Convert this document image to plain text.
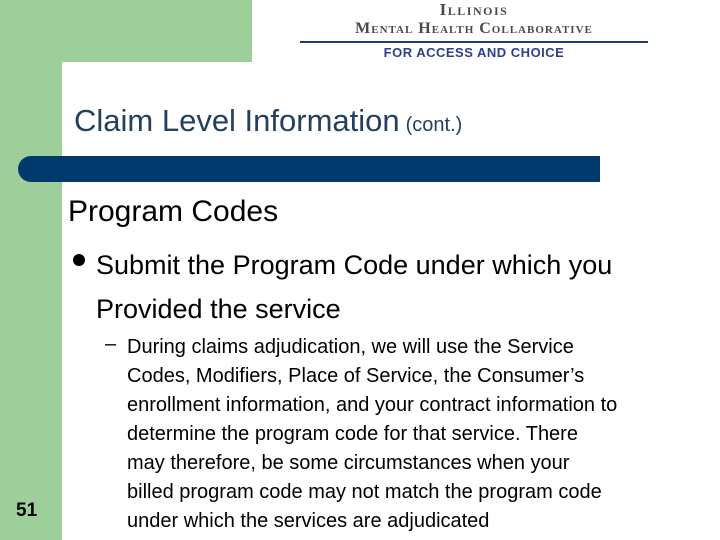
Illinois
Mental Health Collaborative
FOR ACCESS AND CHOICE
Claim Level Information (cont.)
Program Codes
Submit the Program Code under which you
Provided the service
– During claims adjudication, we will use the Service
Codes, Modifiers, Place of Service, the Consumer’s
enrollment information, and your contract information to
determine the program code for that service. There
may therefore, be some circumstances when your
billed program code may not match the program code
under which the services are adjudicated
51
